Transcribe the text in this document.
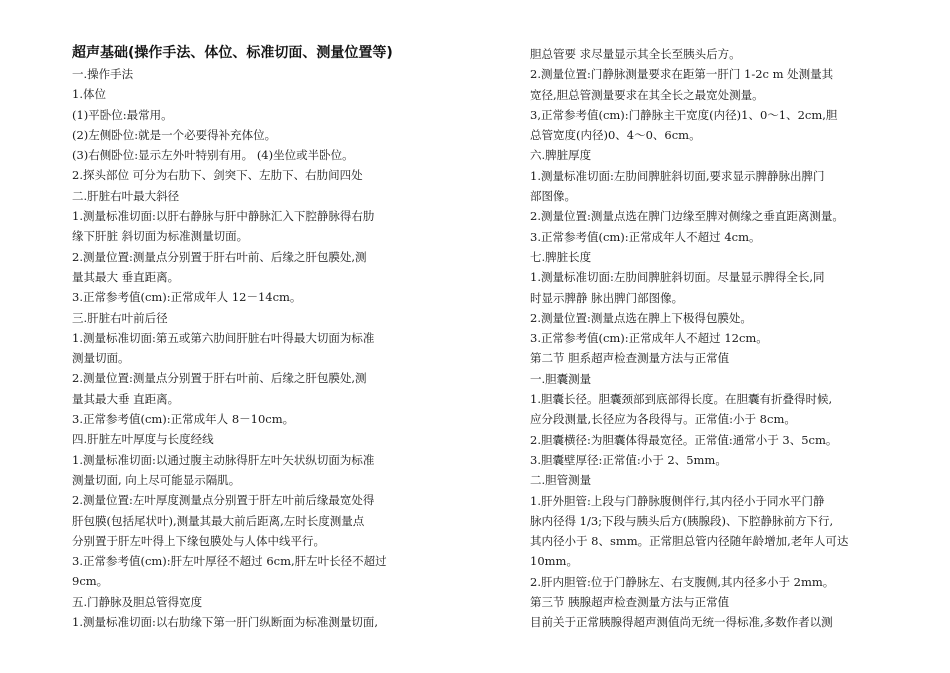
超声基础(操作手法、体位、标准切面、测量位置等)

一.操作手法

1.体位

(1)平卧位:最常用。

(2)左侧卧位:就是一个必要得补充体位。

(3)右侧卧位:显示左外叶特别有用。 (4)坐位或半卧位。

2.探头部位 可分为右肋下、剑突下、左肋下、右肋间四处

二.肝脏右叶最大斜径

1.测量标准切面:以肝右静脉与肝中静脉汇入下腔静脉得右肋

缘下肝脏 斜切面为标准测量切面。

2.测量位置:测量点分别置于肝右叶前、后缘之肝包膜处,测

量其最大 垂直距离。

3.正常参考值(cm):正常成年人 12－14cm。

三.肝脏右叶前后径

1.测量标准切面:第五或第六肋间肝脏右叶得最大切面为标准

测量切面。

2.测量位置:测量点分别置于肝右叶前、后缘之肝包膜处,测

量其最大垂 直距离。

3.正常参考值(cm):正常成年人 8－10cm。

四.肝脏左叶厚度与长度经线

1.测量标准切面:以通过腹主动脉得肝左叶矢状纵切面为标准

测量切面, 向上尽可能显示隔肌。

2.测量位置:左叶厚度测量点分别置于肝左叶前后缘最宽处得

肝包膜(包括尾状叶),测量其最大前后距离,左时长度测量点

分别置于肝左叶得上下缘包膜处与人体中线平行。

3.正常参考值(cm):肝左叶厚径不超过 6cm,肝左叶长径不超过

9cm。

五.门静脉及胆总管得宽度

1.测量标准切面:以右肋缘下第一肝门纵断面为标准测量切面,

胆总管要 求尽量显示其全长至胰头后方。

2.测量位置:门静脉测量要求在距第一肝门 1-2c m 处测量其

宽径,胆总管测量要求在其全长之最宽处测量。

3,正常参考值(cm):门静脉主干宽度(内径)1、0～1、2cm,胆

总管宽度(内径)0、4～0、6cm。

六.脾脏厚度

1.测量标准切面:左肋间脾脏斜切面,要求显示脾静脉出脾门

部图像。

2.测量位置:测量点选在脾门边缘至脾对侧缘之垂直距离测量。

3.正常参考值(cm):正常成年人不超过 4cm。

七.脾脏长度

1.测量标准切面:左肋间脾脏斜切面。尽量显示脾得全长,同

时显示脾静 脉出脾门部图像。

2.测量位置:测量点选在脾上下极得包膜处。

3.正常参考值(cm):正常成年人不超过 12cm。

第二节 胆系超声检查测量方法与正常值

一.胆囊测量

1.胆囊长径。胆囊颈部到底部得长度。在胆囊有折叠得时候,

应分段测量,长径应为各段得与。正常值:小于 8cm。

2.胆囊横径:为胆囊体得最宽径。正常值:通常小于 3、5cm。

3.胆囊壁厚径:正常值:小于 2、5mm。

二.胆管测量

1.肝外胆管:上段与门静脉腹侧伴行,其内径小于同水平门静

脉内径得 1/3;下段与胰头后方(胰腺段)、下腔静脉前方下行,

其内径小于 8、smm。正常胆总管内径随年龄增加,老年人可达

10mm。

2.肝内胆管:位于门静脉左、右支腹侧,其内径多小于 2mm。

第三节 胰腺超声检查测量方法与正常值

目前关于正常胰腺得超声测值尚无统一得标准,多数作者以测
